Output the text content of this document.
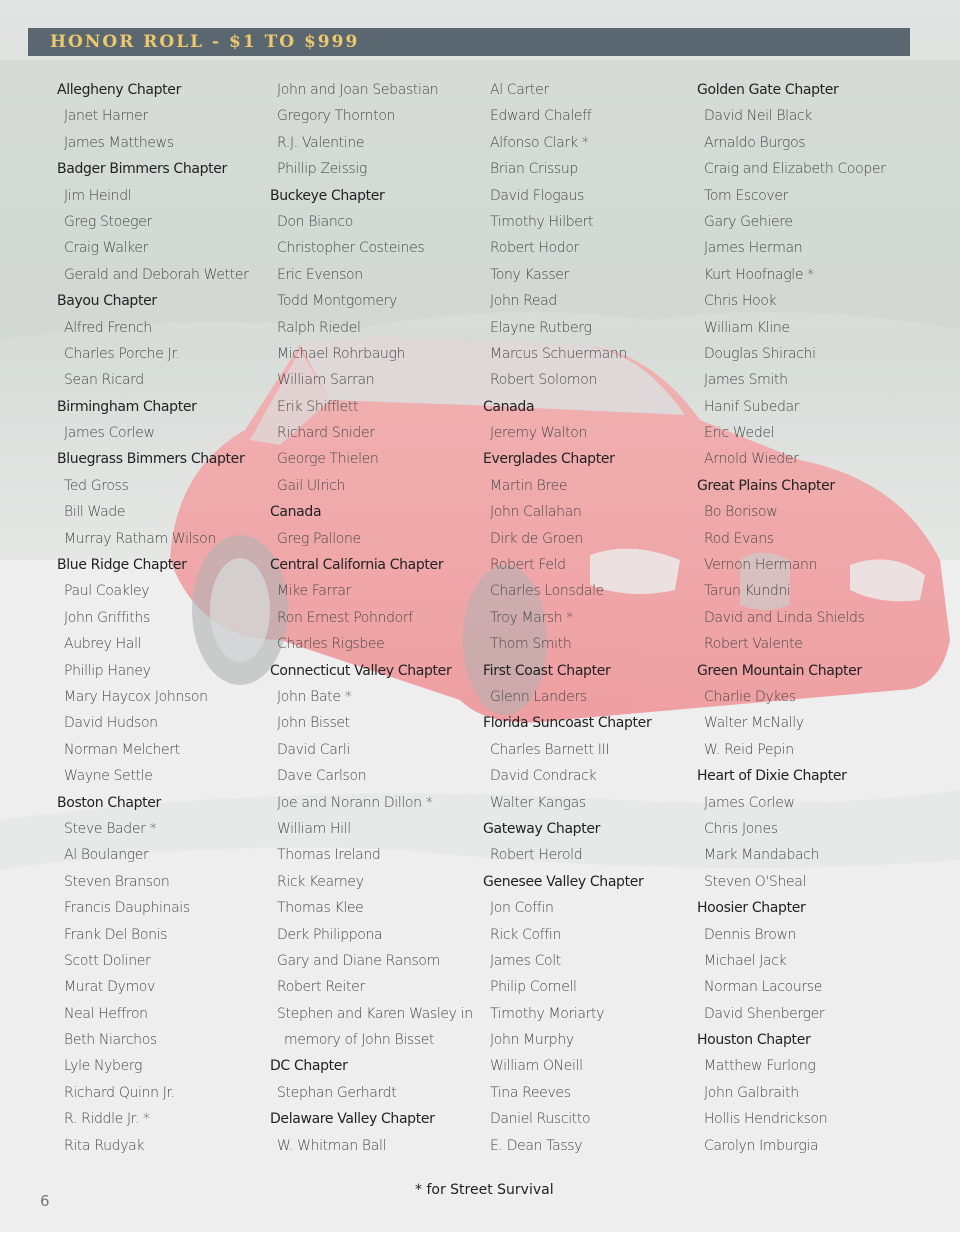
HONOR ROLL - $1 TO $999
Allegheny Chapter
Janet Harner
James Matthews
Badger Bimmers Chapter
Jim Heindl
Greg Stoeger
Craig Walker
Gerald and Deborah Wetter
Bayou Chapter
Alfred French
Charles Porche Jr.
Sean Ricard
Birmingham Chapter
James Corlew
Bluegrass Bimmers Chapter
Ted Gross
Bill Wade
Murray Ratham Wilson
Blue Ridge Chapter
Paul Coakley
John Griffiths
Aubrey Hall
Phillip Haney
Mary Haycox Johnson
David Hudson
Norman Melchert
Wayne Settle
Boston Chapter
Steve Bader *
Al Boulanger
Steven Branson
Francis Dauphinais
Frank Del Bonis
Scott Doliner
Murat Dymov
Neal Heffron
Beth Niarchos
Lyle Nyberg
Richard Quinn Jr.
R. Riddle Jr. *
Rita Rudyak
John and Joan Sebastian
Gregory Thornton
R.J. Valentine
Phillip Zeissig
Buckeye Chapter
Don Bianco
Christopher Costeines
Eric Evenson
Todd Montgomery
Ralph Riedel
Michael Rohrbaugh
William Sarran
Erik Shifflett
Richard Snider
George Thielen
Gail Ulrich
Canada
Greg Pallone
Central California Chapter
Mike Farrar
Ron Ernest Pohndorf
Charles Rigsbee
Connecticut Valley Chapter
John Bate *
John Bisset
David Carli
Dave Carlson
Joe and Norann Dillon *
William Hill
Thomas Ireland
Rick Kearney
Thomas Klee
Derk Philippona
Gary and Diane Ransom
Robert Reiter
Stephen and Karen Wasley in
memory of John Bisset
DC Chapter
Stephan Gerhardt
Delaware Valley Chapter
W. Whitman Ball
Al Carter
Edward Chaleff
Alfonso Clark *
Brian Crissup
David Flogaus
Timothy Hilbert
Robert Hodor
Tony Kasser
John Read
Elayne Rutberg
Marcus Schuermann
Robert Solomon
Canada
Jeremy Walton
Everglades Chapter
Martin Bree
John Callahan
Dirk de Groen
Robert Feld
Charles Lonsdale
Troy Marsh *
Thom Smith
First Coast Chapter
Glenn Landers
Florida Suncoast Chapter
Charles Barnett III
David Condrack
Walter Kangas
Gateway Chapter
Robert Herold
Genesee Valley Chapter
Jon Coffin
Rick Coffin
James Colt
Philip Cornell
Timothy Moriarty
John Murphy
William ONeill
Tina Reeves
Daniel Ruscitto
E. Dean Tassy
Golden Gate Chapter
David Neil Black
Arnaldo Burgos
Craig and Elizabeth Cooper
Tom Escover
Gary Gehiere
James Herman
Kurt Hoofnagle *
Chris Hook
William Kline
Douglas Shirachi
James Smith
Hanif Subedar
Eric Wedel
Arnold Wieder
Great Plains Chapter
Bo Borisow
Rod Evans
Vernon Hermann
Tarun Kundni
David and Linda Shields
Robert Valente
Green Mountain Chapter
Charlie Dykes
Walter McNally
W. Reid Pepin
Heart of Dixie Chapter
James Corlew
Chris Jones
Mark Mandabach
Steven O'Sheal
Hoosier Chapter
Dennis Brown
Michael Jack
Norman Lacourse
David Shenberger
Houston Chapter
Matthew Furlong
John Galbraith
Hollis Hendrickson
Carolyn Imburgia
* for Street Survival
6
